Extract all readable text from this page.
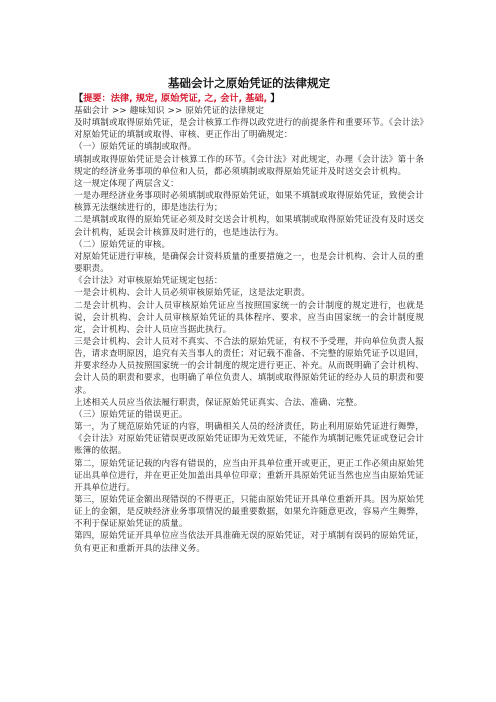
基础会计之原始凭证的法律规定

【提要：法律, 规定, 原始凭证, 之, 会计, 基础, 】

基础会计 >> 趣味知识 >> 原始凭证的法律规定

及时填制或取得原始凭证，是会计核算工作得以政党进行的前提条件和重要环节。《会计法》对原始凭证的填制或取得、审核、更正作出了明确规定：

（一）原始凭证的填制或取得。

填制或取得原始凭证是会计核算工作的环节。《会计法》对此规定，办理《会计法》第十条规定的经济业务事项的单位和人员，都必须填制或取得原始凭证并及时送交会计机构。

这一规定体现了两层含义：

一是办理经济业务事项时必须填制或取得原始凭证，如果不填制或取得原始凭证，致使会计核算无法继续进行的，即是违法行为；

二是填制或取得的原始凭证必须及时交送会计机构，如果填制或取得原始凭证没有及时送交会计机构，延误会计核算及时进行的，也是违法行为。

（二）原始凭证的审核。

对原始凭证进行审核，是确保会计资料质量的重要措施之一，也是会计机构、会计人员的重要职责。

《会计法》对审核原始凭证规定包括：

一是会计机构、会计人员必须审核原始凭证，这是法定职责。

二是会计机构、会计人员审核原始凭证应当按照国家统一的会计制度的规定进行，也就是说，会计机构、会计人员审核原始凭证的具体程序、要求，应当由国家统一的会计制度规定，会计机构、会计人员应当据此执行。

三是会计机构、会计人员对不真实、不合法的原始凭证，有权不予受理，并向单位负责人报告，请求查明原因，追究有关当事人的责任；对记载不准备、不完整的原始凭证予以退回，并要求经办人员按照国家统一的会计制度的规定进行更正、补充。从而既明确了会计机构、会计人员的职责和要求，也明确了单位负责人、填制或取得原始凭证的经办人员的职责和要求。

上述相关人员应当依法履行职责，保证原始凭证真实、合法、准确、完整。

（三）原始凭证的错误更正。

第一，为了规范原始凭证的内容，明确相关人员的经济责任，防止利用原始凭证进行舞弊，《会计法》对原始凭证错误更改原始凭证即为无效凭证，不能作为填制记账凭证或登记会计账簿的依据。

第二，原始凭证记载的内容有错误的，应当由开具单位重开或更正，更正工作必须由原始凭证出具单位进行，并在更正处加盖出具单位印章；重新开具原始凭证当然也应当由原始凭证开具单位进行。

第三，原始凭证金额出现错误的不得更正，只能由原始凭证开具单位重新开具。因为原始凭证上的金额，是反映经济业务事项情况的最重要数据，如果允许随意更改，容易产生舞弊，不利于保证原始凭证的质量。

第四，原始凭证开具单位应当依法开具准确无误的原始凭证，对于填制有误码的原始凭证，负有更正和重新开具的法律义务。
